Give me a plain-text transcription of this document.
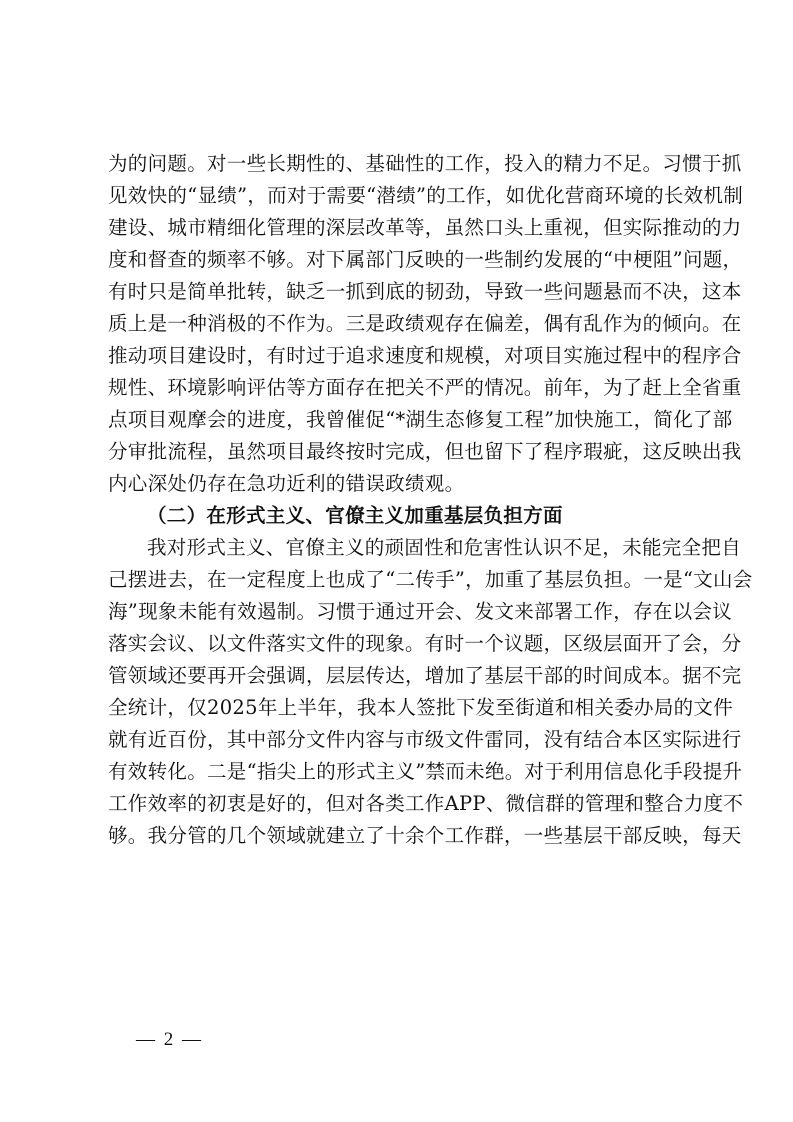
为的问题。对一些长期性的、基础性的工作，投入的精力不足。习惯于抓
见效快的“显绩”，而对于需要“潜绩”的工作，如优化营商环境的长效机制
建设、城市精细化管理的深层改革等，虽然口头上重视，但实际推动的力
度和督查的频率不够。对下属部门反映的一些制约发展的“中梗阻”问题，
有时只是简单批转，缺乏一抓到底的韧劲，导致一些问题悬而不决，这本
质上是一种消极的不作为。三是政绩观存在偏差，偶有乱作为的倾向。在
推动项目建设时，有时过于追求速度和规模，对项目实施过程中的程序合
规性、环境影响评估等方面存在把关不严的情况。前年，为了赶上全省重
点项目观摩会的进度，我曾催促“*湖生态修复工程”加快施工，简化了部
分审批流程，虽然项目最终按时完成，但也留下了程序瑕疵，这反映出我
内心深处仍存在急功近利的错误政绩观。
（二）在形式主义、官僚主义加重基层负担方面
我对形式主义、官僚主义的顽固性和危害性认识不足，未能完全把自
己摆进去，在一定程度上也成了“二传手”，加重了基层负担。一是“文山会
海”现象未能有效遏制。习惯于通过开会、发文来部署工作，存在以会议
落实会议、以文件落实文件的现象。有时一个议题，区级层面开了会，分
管领域还要再开会强调，层层传达，增加了基层干部的时间成本。据不完
全统计，仅2025年上半年，我本人签批下发至街道和相关委办局的文件
就有近百份，其中部分文件内容与市级文件雷同，没有结合本区实际进行
有效转化。二是“指尖上的形式主义”禁而未绝。对于利用信息化手段提升
工作效率的初衷是好的，但对各类工作APP、微信群的管理和整合力度不
够。我分管的几个领域就建立了十余个工作群，一些基层干部反映，每天
— 2 —
